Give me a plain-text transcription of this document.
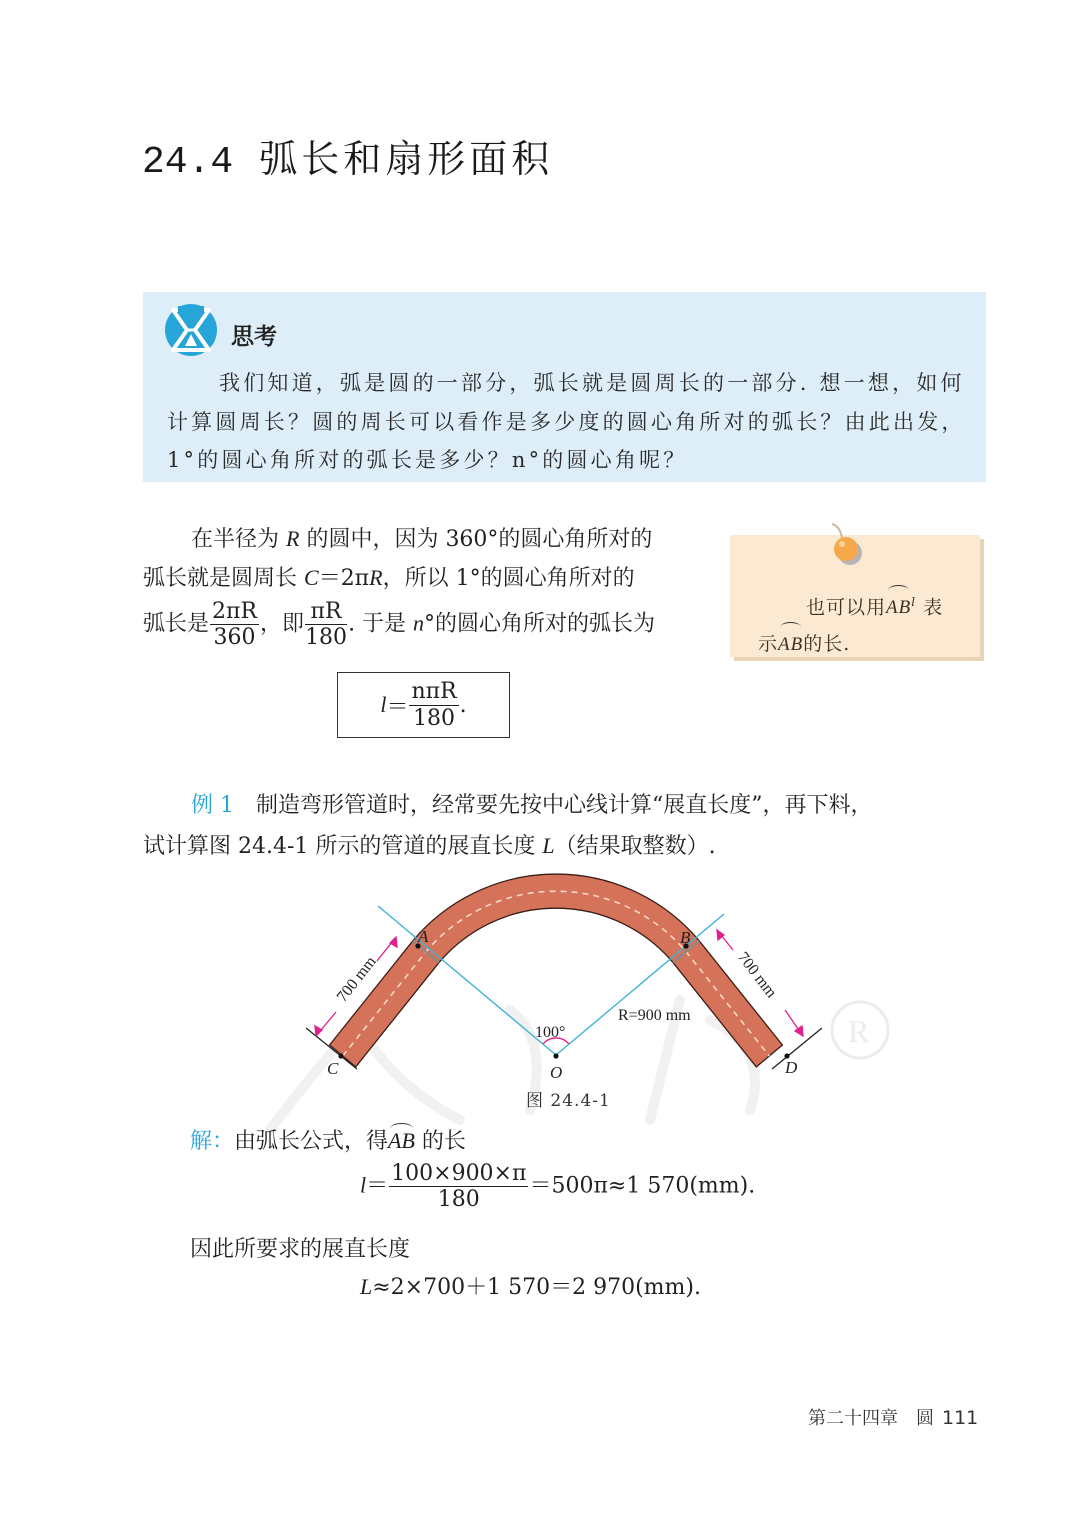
24.4 弧长和扇形面积
思考
我们知道，弧是圆的一部分，弧长就是圆周长的一部分. 想一想，如何计算圆周长？圆的周长可以看作是多少度的圆心角所对的弧长？由此出发，1°的圆心角所对的弧长是多少？n°的圆心角呢？

在半径为 R 的圆中，因为 360°的圆心角所对的

弧长就是圆周长 C＝2πR，所以 1°的圆心角所对的

弧长是 $\frac{2\pi R}{360}$ ，即 $\frac{\pi R}{180}$ . 于是 n°的圆心角所对的弧长为

$l = \frac{\text{nπR}}{180}$ .
也可以用$AB^l$ 表
示AB的长.

例 1 制造弯形管道时，经常要先按中心线计算“展直长度”，再下料，

试计算图 24.4-1 所示的管道的展直长度 L（结果取整数）.

R
A	B
C	D
O
100°
R=900 mm
700 mm	700 mm
图 24.4-1
解：由弧长公式，得AB 的长
$l= \frac{100\times 900\times\pi}{180} =500\pi\approx 1$ 570(mm).
因此所要求的展直长度
L≈2×700＋1 570＝2 970(mm).
第二十四章　圆 111
